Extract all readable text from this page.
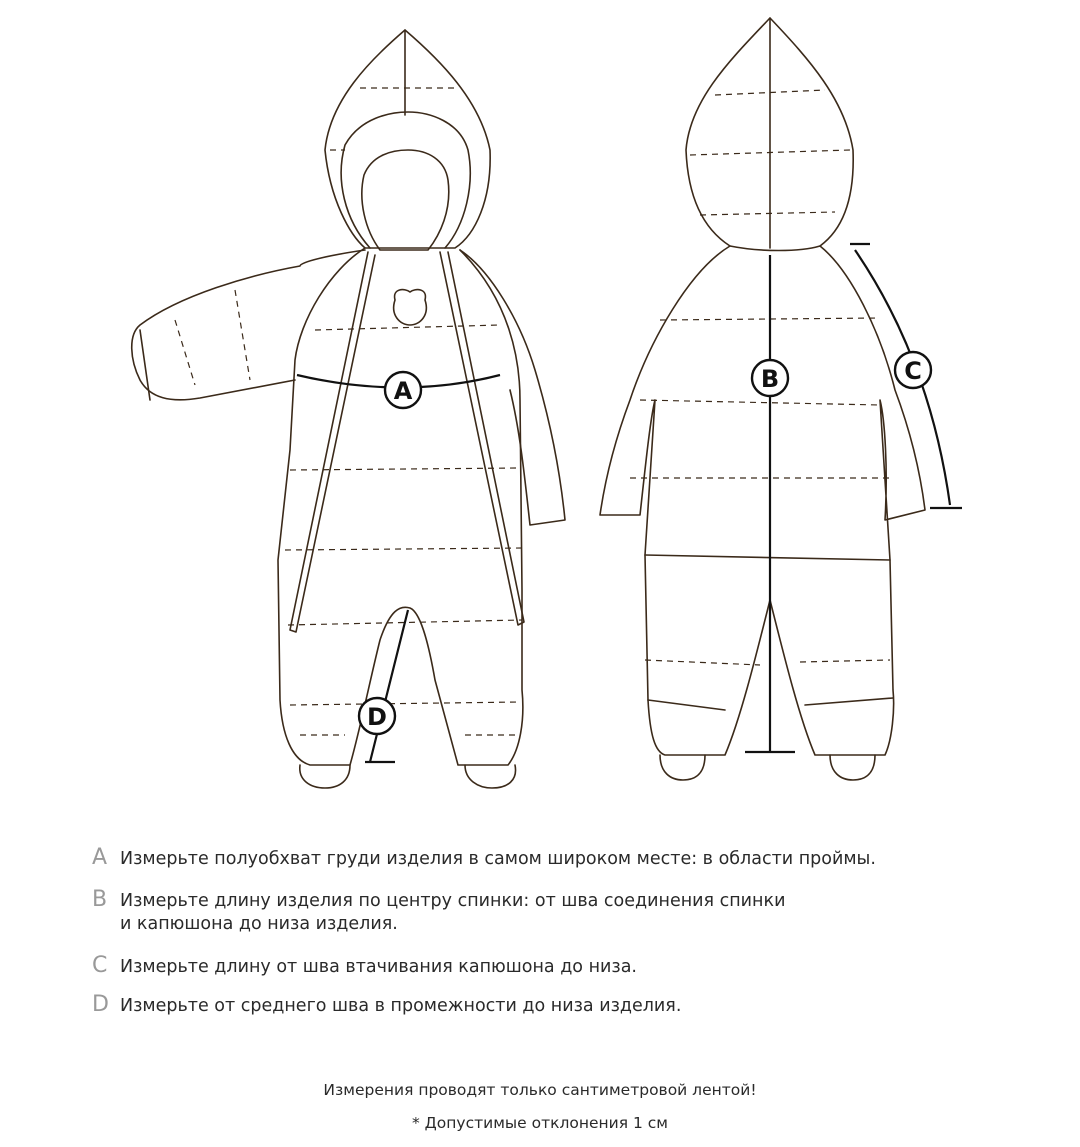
A	B	C
D
A Измерьте полуобхват груди изделия в самом широком месте: в области проймы.
B Измерьте длину изделия по центру спинки: от шва соединения спинки
и капюшона до низа изделия.
C Измерьте длину от шва втачивания капюшона до низа.
D Измерьте от среднего шва в промежности до низа изделия.
Измерения проводят только сантиметровой лентой!
* Допустимые отклонения 1 см
